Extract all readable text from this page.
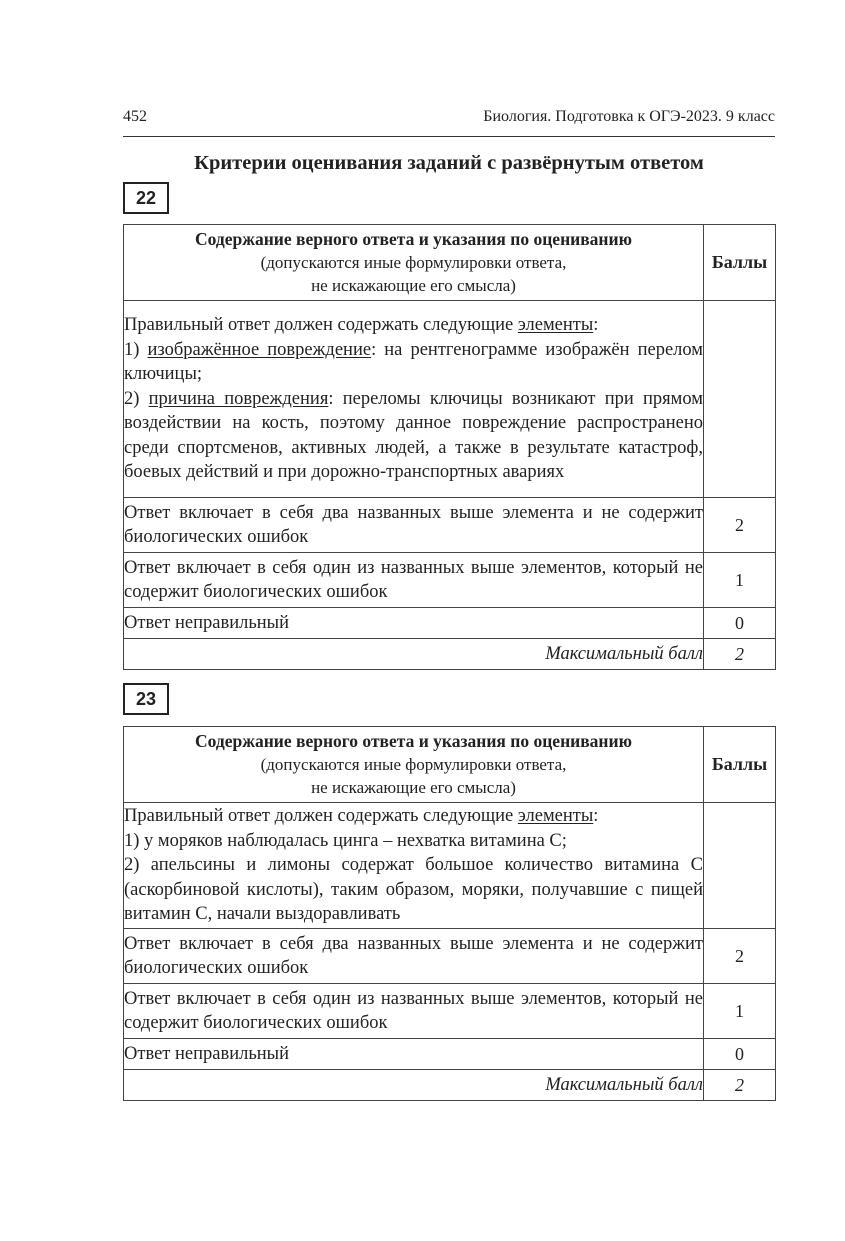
452	Биология. Подготовка к ОГЭ-2023. 9 класс
Критерии оценивания заданий с развёрнутым ответом
22
Содержание верного ответа и указания по оцениванию
(допускаются иные формулировки ответа,
не искажающие его смысла)	Баллы

Правильный ответ должен содержать следующие элементы:

1) изображённое повреждение: на рентгенограмме изображён перелом ключицы;

2) причина повреждения: переломы ключицы возникают при прямом воздействии на кость, поэтому данное повреждение распространено среди спортсменов, активных людей, а также в результате катастроф, боевых действий и при дорожно-транспортных авариях	

Ответ включает в себя два названных выше элемента и не содержит биологических ошибок	2
Ответ включает в себя один из названных выше элементов, который не содержит биологических ошибок	1
Ответ неправильный	0
Максимальный балл	2
23
Содержание верного ответа и указания по оцениванию
(допускаются иные формулировки ответа,
не искажающие его смысла)	Баллы

Правильный ответ должен содержать следующие элементы:

1) у моряков наблюдалась цинга – нехватка витамина С;

2) апельсины и лимоны содержат большое количество витамина С (аскорбиновой кислоты), таким образом, моряки, получавшие с пищей витамин С, начали выздоравливать	

Ответ включает в себя два названных выше элемента и не содержит биологических ошибок	2
Ответ включает в себя один из названных выше элементов, который не содержит биологических ошибок	1
Ответ неправильный	0
Максимальный балл	2
